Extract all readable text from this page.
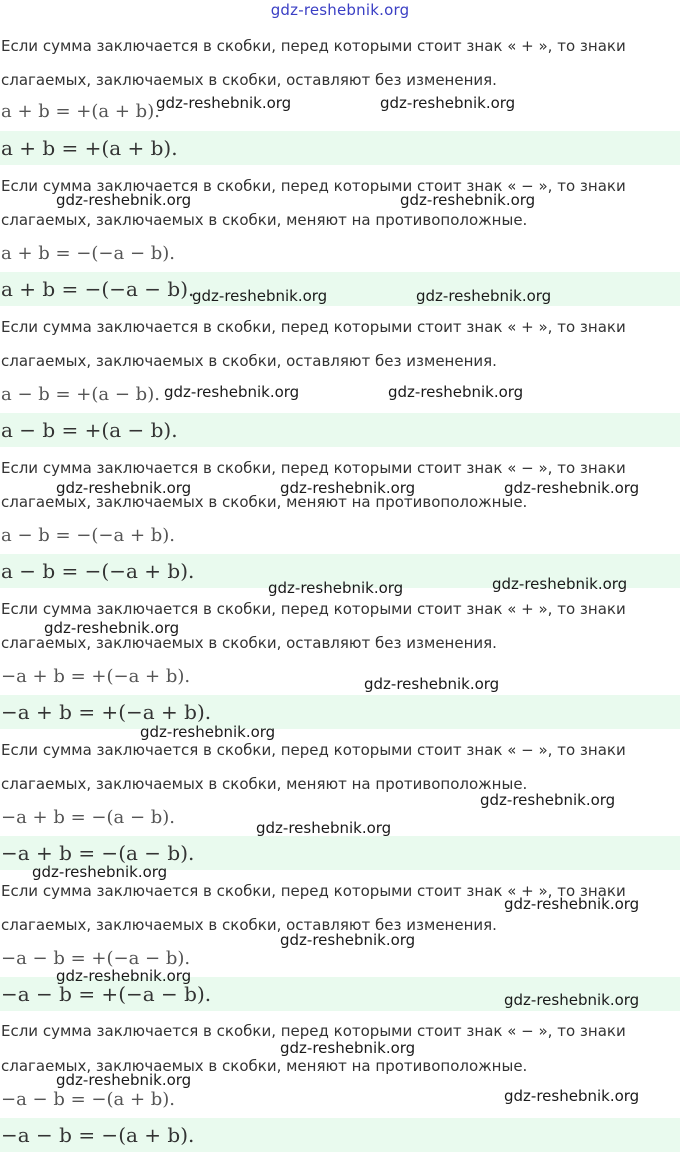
gdz-reshebnik.org
Если сумма заключается в скобки, перед которыми стоит знак « + », то знаки
слагаемых, заключаемых в скобки, оставляют без изменения.
a + b = +(a + b).
a + b = +(a + b).
Если сумма заключается в скобки, перед которыми стоит знак « − », то знаки
слагаемых, заключаемых в скобки, меняют на противоположные.
a + b = −(−a − b).
a + b = −(−a − b).
Если сумма заключается в скобки, перед которыми стоит знак « + », то знаки
слагаемых, заключаемых в скобки, оставляют без изменения.
a − b = +(a − b).
a − b = +(a − b).
Если сумма заключается в скобки, перед которыми стоит знак « − », то знаки
слагаемых, заключаемых в скобки, меняют на противоположные.
a − b = −(−a + b).
a − b = −(−a + b).
Если сумма заключается в скобки, перед которыми стоит знак « + », то знаки
слагаемых, заключаемых в скобки, оставляют без изменения.
−a + b = +(−a + b).
−a + b = +(−a + b).
Если сумма заключается в скобки, перед которыми стоит знак « − », то знаки
слагаемых, заключаемых в скобки, меняют на противоположные.
−a + b = −(a − b).
−a + b = −(a − b).
Если сумма заключается в скобки, перед которыми стоит знак « + », то знаки
слагаемых, заключаемых в скобки, оставляют без изменения.
−a − b = +(−a − b).
−a − b = +(−a − b).
Если сумма заключается в скобки, перед которыми стоит знак « − », то знаки
слагаемых, заключаемых в скобки, меняют на противоположные.
−a − b = −(a + b).
−a − b = −(a + b).
gdz-reshebnik.org	gdz-reshebnik.org
gdz-reshebnik.org	gdz-reshebnik.org
gdz-reshebnik.org	gdz-reshebnik.org
gdz-reshebnik.org	gdz-reshebnik.org
gdz-reshebnik.org	gdz-reshebnik.org	gdz-reshebnik.org
gdz-reshebnik.org	gdz-reshebnik.org
gdz-reshebnik.org
gdz-reshebnik.org
gdz-reshebnik.org
gdz-reshebnik.org
gdz-reshebnik.org
gdz-reshebnik.org
gdz-reshebnik.org
gdz-reshebnik.org
gdz-reshebnik.org
gdz-reshebnik.org
gdz-reshebnik.org
gdz-reshebnik.org
gdz-reshebnik.org
